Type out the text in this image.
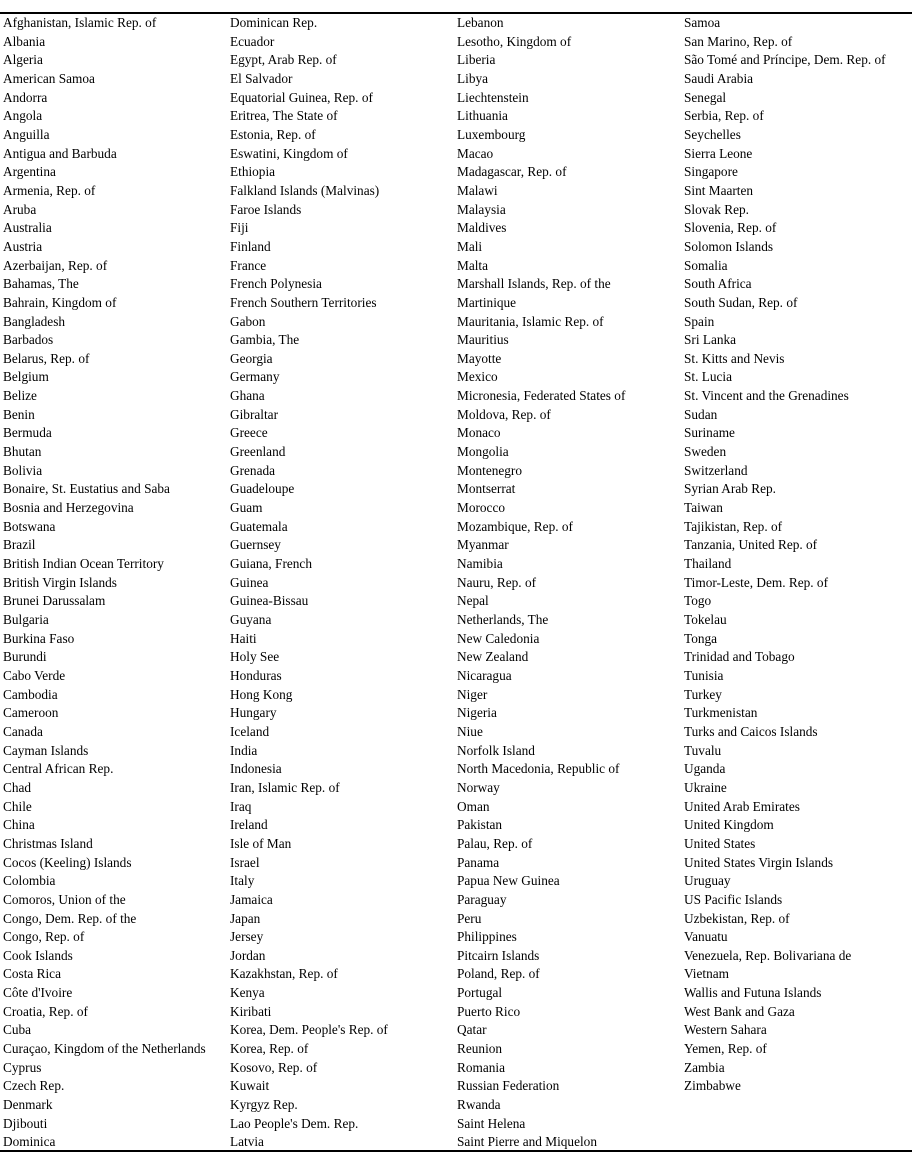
Afghanistan, Islamic Rep. of
Albania
Algeria
American Samoa
Andorra
Angola
Anguilla
Antigua and Barbuda
Argentina
Armenia, Rep. of
Aruba
Australia
Austria
Azerbaijan, Rep. of
Bahamas, The
Bahrain, Kingdom of
Bangladesh
Barbados
Belarus, Rep. of
Belgium
Belize
Benin
Bermuda
Bhutan
Bolivia
Bonaire, St. Eustatius and Saba
Bosnia and Herzegovina
Botswana
Brazil
British Indian Ocean Territory
British Virgin Islands
Brunei Darussalam
Bulgaria
Burkina Faso
Burundi
Cabo Verde
Cambodia
Cameroon
Canada
Cayman Islands
Central African Rep.
Chad
Chile
China
Christmas Island
Cocos (Keeling) Islands
Colombia
Comoros, Union of the
Congo, Dem. Rep. of the
Congo, Rep. of
Cook Islands
Costa Rica
Côte d'Ivoire
Croatia, Rep. of
Cuba
Curaçao, Kingdom of the Netherlands
Cyprus
Czech Rep.
Denmark
Djibouti
Dominica
Dominican Rep.
Ecuador
Egypt, Arab Rep. of
El Salvador
Equatorial Guinea, Rep. of
Eritrea, The State of
Estonia, Rep. of
Eswatini, Kingdom of
Ethiopia
Falkland Islands (Malvinas)
Faroe Islands
Fiji
Finland
France
French Polynesia
French Southern Territories
Gabon
Gambia, The
Georgia
Germany
Ghana
Gibraltar
Greece
Greenland
Grenada
Guadeloupe
Guam
Guatemala
Guernsey
Guiana, French
Guinea
Guinea-Bissau
Guyana
Haiti
Holy See
Honduras
Hong Kong
Hungary
Iceland
India
Indonesia
Iran, Islamic Rep. of
Iraq
Ireland
Isle of Man
Israel
Italy
Jamaica
Japan
Jersey
Jordan
Kazakhstan, Rep. of
Kenya
Kiribati
Korea, Dem. People's Rep. of
Korea, Rep. of
Kosovo, Rep. of
Kuwait
Kyrgyz Rep.
Lao People's Dem. Rep.
Latvia
Lebanon
Lesotho, Kingdom of
Liberia
Libya
Liechtenstein
Lithuania
Luxembourg
Macao
Madagascar, Rep. of
Malawi
Malaysia
Maldives
Mali
Malta
Marshall Islands, Rep. of the
Martinique
Mauritania, Islamic Rep. of
Mauritius
Mayotte
Mexico
Micronesia, Federated States of
Moldova, Rep. of
Monaco
Mongolia
Montenegro
Montserrat
Morocco
Mozambique, Rep. of
Myanmar
Namibia
Nauru, Rep. of
Nepal
Netherlands, The
New Caledonia
New Zealand
Nicaragua
Niger
Nigeria
Niue
Norfolk Island
North Macedonia, Republic of
Norway
Oman
Pakistan
Palau, Rep. of
Panama
Papua New Guinea
Paraguay
Peru
Philippines
Pitcairn Islands
Poland, Rep. of
Portugal
Puerto Rico
Qatar
Reunion
Romania
Russian Federation
Rwanda
Saint Helena
Saint Pierre and Miquelon
Samoa
San Marino, Rep. of
São Tomé and Príncipe, Dem. Rep. of
Saudi Arabia
Senegal
Serbia, Rep. of
Seychelles
Sierra Leone
Singapore
Sint Maarten
Slovak Rep.
Slovenia, Rep. of
Solomon Islands
Somalia
South Africa
South Sudan, Rep. of
Spain
Sri Lanka
St. Kitts and Nevis
St. Lucia
St. Vincent and the Grenadines
Sudan
Suriname
Sweden
Switzerland
Syrian Arab Rep.
Taiwan
Tajikistan, Rep. of
Tanzania, United Rep. of
Thailand
Timor-Leste, Dem. Rep. of
Togo
Tokelau
Tonga
Trinidad and Tobago
Tunisia
Turkey
Turkmenistan
Turks and Caicos Islands
Tuvalu
Uganda
Ukraine
United Arab Emirates
United Kingdom
United States
United States Virgin Islands
Uruguay
US Pacific Islands
Uzbekistan, Rep. of
Vanuatu
Venezuela, Rep. Bolivariana de
Vietnam
Wallis and Futuna Islands
West Bank and Gaza
Western Sahara
Yemen, Rep. of
Zambia
Zimbabwe
